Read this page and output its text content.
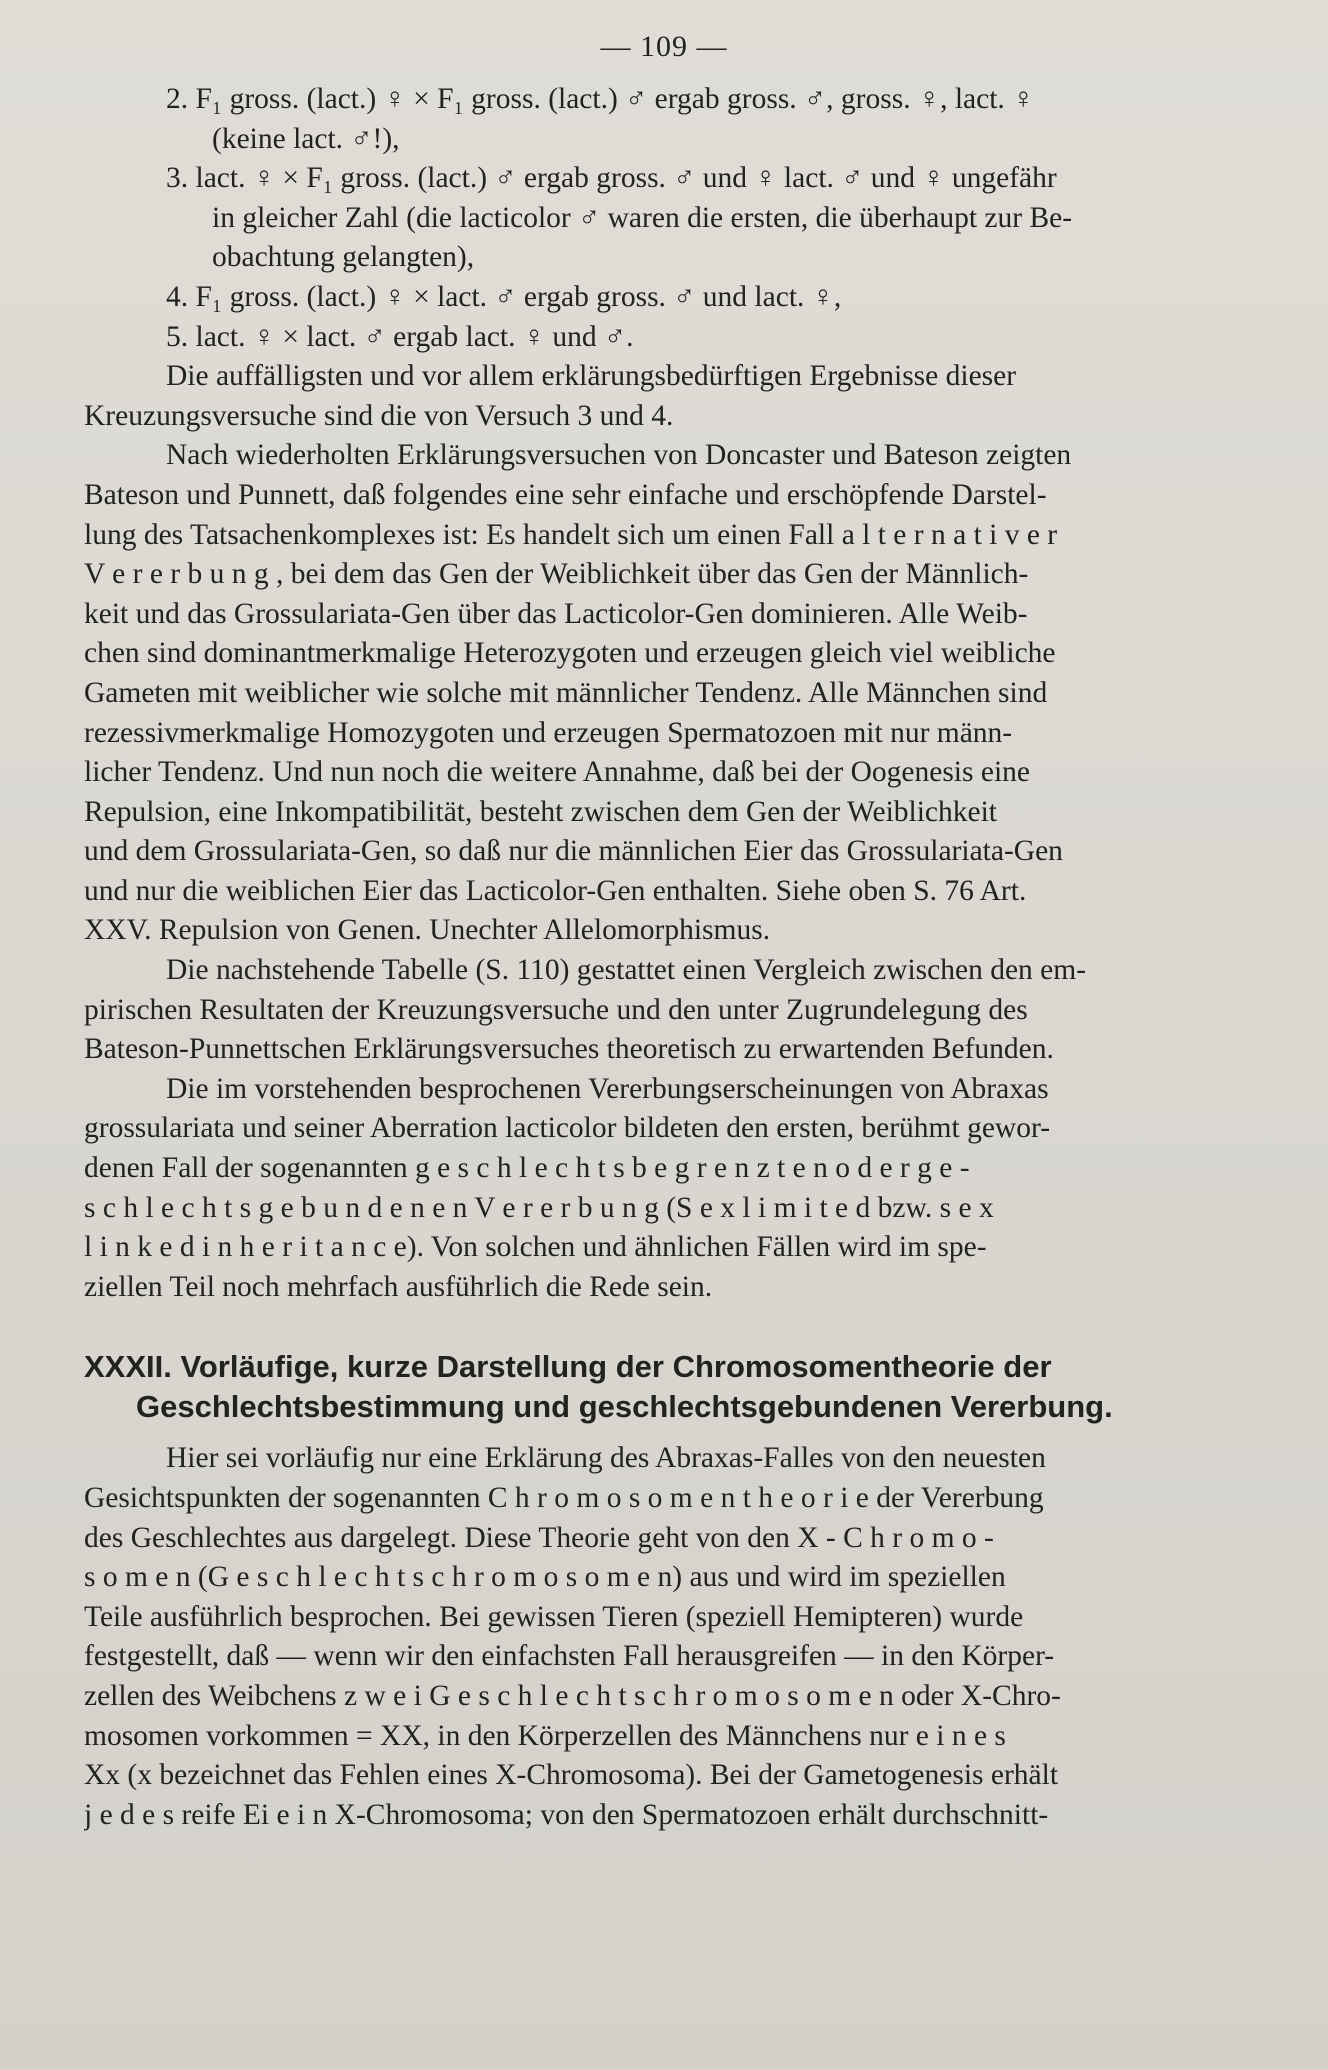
— 109 —
2. F₁ gross. (lact.) ♀ × F₁ gross. (lact.) ♂ ergab gross. ♂, gross. ♀, lact. ♀
(keine lact. ♂!),
3. lact. ♀ × F₁ gross. (lact.) ♂ ergab gross. ♂ und ♀ lact. ♂ und ♀ ungefähr
in gleicher Zahl (die lacticolor ♂ waren die ersten, die überhaupt zur Be-
obachtung gelangten),
4. F₁ gross. (lact.) ♀ × lact. ♂ ergab gross. ♂ und lact. ♀,
5. lact. ♀ × lact. ♂ ergab lact. ♀ und ♂.
Die auffälligsten und vor allem erklärungsbedürftigen Ergebnisse dieser
Kreuzungsversuche sind die von Versuch 3 und 4.
Nach wiederholten Erklärungsversuchen von Doncaster und Bateson zeigten
Bateson und Punnett, daß folgendes eine sehr einfache und erschöpfende Darstel-
lung des Tatsachenkomplexes ist: Es handelt sich um einen Fall a l t e r n a t i v e r
V e r e r b u n g , bei dem das Gen der Weiblichkeit über das Gen der Männlich-
keit und das Grossulariata-Gen über das Lacticolor-Gen dominieren. Alle Weib-
chen sind dominantmerkmalige Heterozygoten und erzeugen gleich viel weibliche
Gameten mit weiblicher wie solche mit männlicher Tendenz. Alle Männchen sind
rezessivmerkmalige Homozygoten und erzeugen Spermatozoen mit nur männ-
licher Tendenz. Und nun noch die weitere Annahme, daß bei der Oogenesis eine
Repulsion, eine Inkompatibilität, besteht zwischen dem Gen der Weiblichkeit
und dem Grossulariata-Gen, so daß nur die männlichen Eier das Grossulariata-Gen
und nur die weiblichen Eier das Lacticolor-Gen enthalten. Siehe oben S. 76 Art.
XXV. Repulsion von Genen. Unechter Allelomorphismus.
Die nachstehende Tabelle (S. 110) gestattet einen Vergleich zwischen den em-
pirischen Resultaten der Kreuzungsversuche und den unter Zugrundelegung des
Bateson-Punnettschen Erklärungsversuches theoretisch zu erwartenden Befunden.
Die im vorstehenden besprochenen Vererbungserscheinungen von Abraxas
grossulariata und seiner Aberration lacticolor bildeten den ersten, berühmt gewor-
denen Fall der sogenannten g e s c h l e c h t s b e g r e n z t e n o d e r g e -
s c h l e c h t s g e b u n d e n e n V e r e r b u n g (S e x l i m i t e d bzw. s e x
l i n k e d i n h e r i t a n c e). Von solchen und ähnlichen Fällen wird im spe-
ziellen Teil noch mehrfach ausführlich die Rede sein.
XXXII. Vorläufige, kurze Darstellung der Chromosomentheorie der
Geschlechtsbestimmung und geschlechtsgebundenen Vererbung.
Hier sei vorläufig nur eine Erklärung des Abraxas-Falles von den neuesten
Gesichtspunkten der sogenannten C h r o m o s o m e n t h e o r i e der Vererbung
des Geschlechtes aus dargelegt. Diese Theorie geht von den X - C h r o m o -
s o m e n (G e s c h l e c h t s c h r o m o s o m e n) aus und wird im speziellen
Teile ausführlich besprochen. Bei gewissen Tieren (speziell Hemipteren) wurde
festgestellt, daß — wenn wir den einfachsten Fall herausgreifen — in den Körper-
zellen des Weibchens z w e i G e s c h l e c h t s c h r o m o s o m e n oder X-Chro-
mosomen vorkommen = XX, in den Körperzellen des Männchens nur e i n e s
Xx (x bezeichnet das Fehlen eines X-Chromosoma). Bei der Gametogenesis erhält
j e d e s reife Ei e i n X-Chromosoma; von den Spermatozoen erhält durchschnitt-
